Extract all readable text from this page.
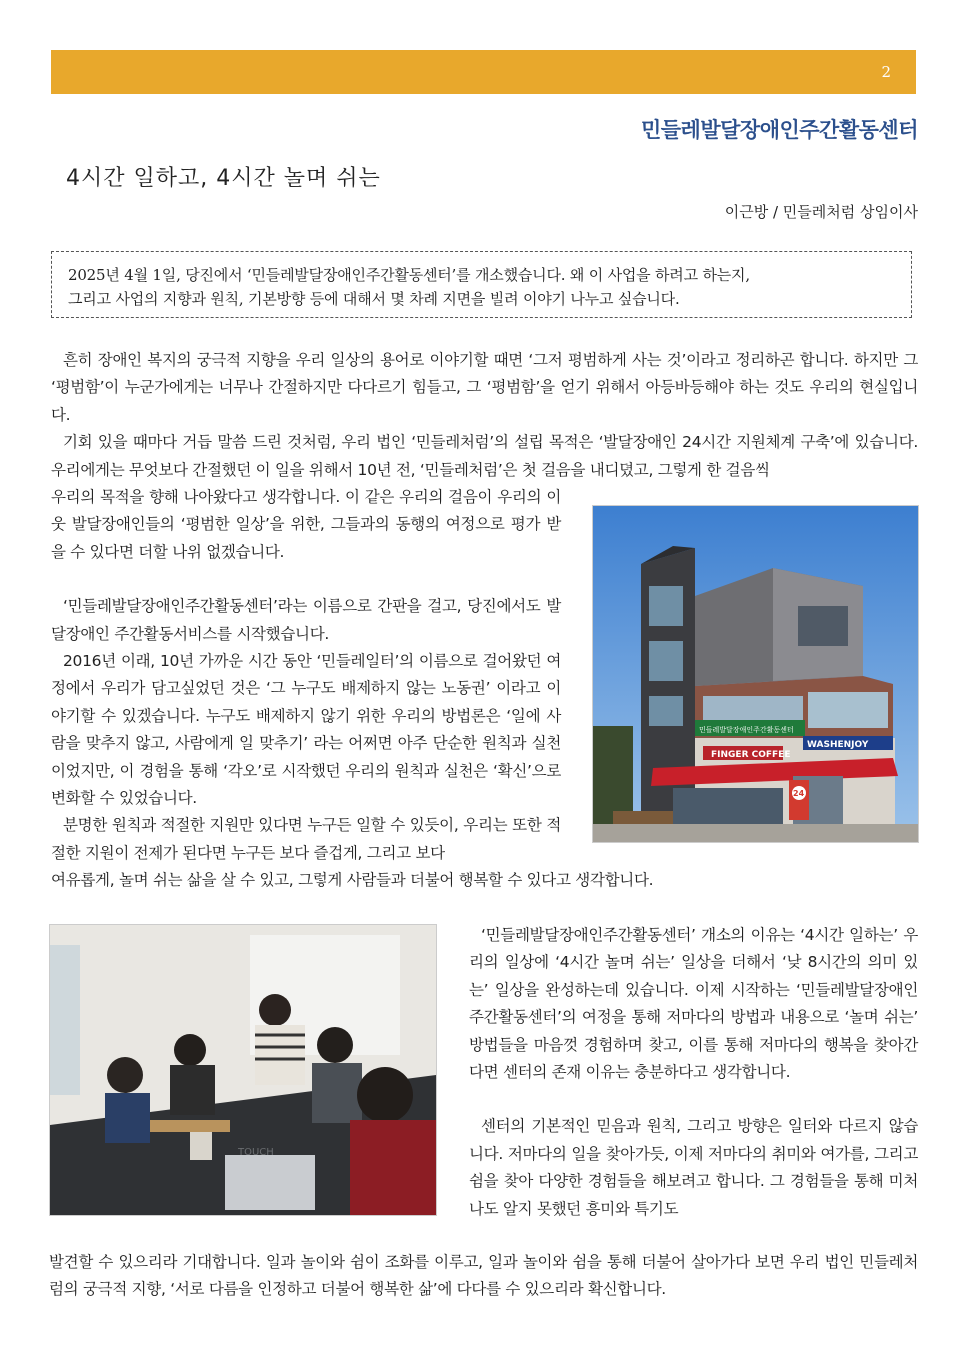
2
민들레발달장애인주간활동센터
4시간 일하고, 4시간 놀며 쉬는
이근방 / 민들레처럼 상임이사

2025년 4월 1일, 당진에서 ‘민들레발달장애인주간활동센터’를 개소했습니다. 왜 이 사업을 하려고 하는지,

그리고 사업의 지향과 원칙, 기본방향 등에 대해서 몇 차례 지면을 빌려 이야기 나누고 싶습니다.

흔히 장애인 복지의 궁극적 지향을 우리 일상의 용어로 이야기할 때면 ‘그저 평범하게 사는 것’이라고 정리하곤 합니다. 하지만 그 ‘평범함’이 누군가에게는 너무나 간절하지만 다다르기 힘들고, 그 ‘평범함’을 얻기 위해서 아등바등해야 하는 것도 우리의 현실입니다.

기회 있을 때마다 거듭 말씀 드린 것처럼, 우리 법인 ‘민들레처럼’의 설립 목적은 ‘발달장애인 24시간 지원체계 구축’에 있습니다. 우리에게는 무엇보다 간절했던 이 일을 위해서 10년 전, ‘민들레처럼’은 첫 걸음을 내디뎠고, 그렇게 한 걸음씩

우리의 목적을 향해 나아왔다고 생각합니다. 이 같은 우리의 걸음이 우리의 이웃 발달장애인들의 ‘평범한 일상’을 위한, 그들과의 동행의 여정으로 평가 받을 수 있다면 더할 나위 없겠습니다.

‘민들레발달장애인주간활동센터’라는 이름으로 간판을 걸고, 당진에서도 발달장애인 주간활동서비스를 시작했습니다.

2016년 이래, 10년 가까운 시간 동안 ‘민들레일터’의 이름으로 걸어왔던 여정에서 우리가 담고싶었던 것은 ‘그 누구도 배제하지 않는 노동권’ 이라고 이야기할 수 있겠습니다. 누구도 배제하지 않기 위한 우리의 방법론은 ‘일에 사람을 맞추지 않고, 사람에게 일 맞추기’ 라는 어쩌면 아주 단순한 원칙과 실천이었지만, 이 경험을 통해 ‘각오’로 시작했던 우리의 원칙과 실천은 ‘확신’으로 변화할 수 있었습니다.

분명한 원칙과 적절한 지원만 있다면 누구든 일할 수 있듯이, 우리는 또한 적절한 지원이 전제가 된다면 누구든 보다 즐겁게, 그리고 보다

여유롭게, 놀며 쉬는 삶을 살 수 있고, 그렇게 사람들과 더불어 행복할 수 있다고 생각합니다.

민들레발달장애인주간활동센터
FINGER COFFEE
WASHENJOY
24
TOUCH

‘민들레발달장애인주간활동센터’ 개소의 이유는 ‘4시간 일하는’ 우리의 일상에 ‘4시간 놀며 쉬는’ 일상을 더해서 ‘낮 8시간의 의미 있는’ 일상을 완성하는데 있습니다. 이제 시작하는 ‘민들레발달장애인주간활동센터’의 여정을 통해 저마다의 방법과 내용으로 ‘놀며 쉬는’ 방법들을 마음껏 경험하며 찾고, 이를 통해 저마다의 행복을 찾아간다면 센터의 존재 이유는 충분하다고 생각합니다.

센터의 기본적인 믿음과 원칙, 그리고 방향은 일터와 다르지 않습니다. 저마다의 일을 찾아가듯, 이제 저마다의 취미와 여가를, 그리고 쉼을 찾아 다양한 경험들을 해보려고 합니다. 그 경험들을 통해 미처 나도 알지 못했던 흥미와 특기도

발견할 수 있으리라 기대합니다. 일과 놀이와 쉼이 조화를 이루고, 일과 놀이와 쉼을 통해 더불어 살아가다 보면 우리 법인 민들레처럼의 궁극적 지향, ‘서로 다름을 인정하고 더불어 행복한 삶’에 다다를 수 있으리라 확신합니다.
